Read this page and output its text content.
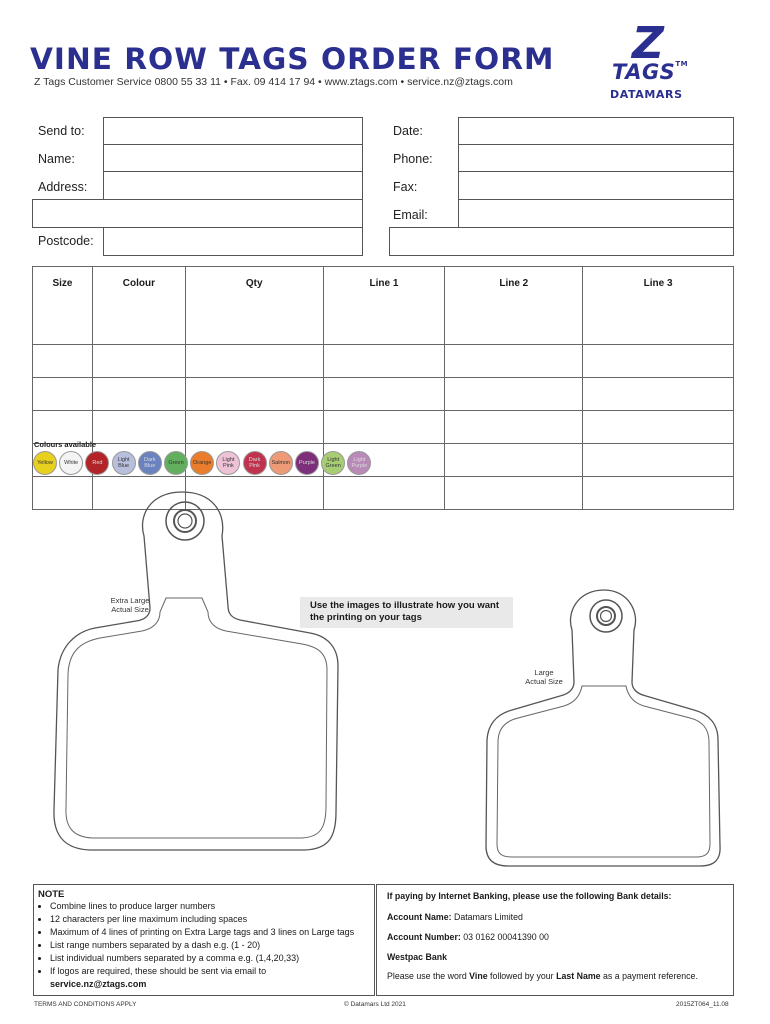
VINE ROW TAGS ORDER FORM
Z Tags Customer Service 0800 55 33 11 • Fax. 09 414 17 94 • www.ztags.com • service.nz@ztags.com
Z
TAGS™
DATAMARS
Send to:
Name:
Address:
Postcode:
Date:
Phone:
Fax:
Email:
Size	Colour	Qty	Line 1	Line 2	Line 3

Colours available
Yellow	White	Red	Light Blue
Dark Blue	Green	Orange	Light Pink
Dark Pink	Salmon	Purple	Light Green
Light Purple
Extra Large
Actual Size	Use the images to illustrate how you want the printing on your tags
Large
Actual Size
NOTE
• Combine lines to produce larger numbers
• 12 characters per line maximum including spaces
• Maximum of 4 lines of printing on Extra Large tags and 3 lines on Large tags
• List range numbers separated by a dash e.g. (1 - 20)
• List individual numbers separated by a comma e.g. (1,4,20,33)
• If logos are required, these should be sent via email to
service.nz@ztags.com
If paying by Internet Banking, please use the following Bank details:
Account Name: Datamars Limited
Account Number: 03 0162 00041390 00
Westpac Bank
Please use the word Vine followed by your Last Name as a payment reference.
TERMS AND CONDITIONS APPLY	© Datamars Ltd 2021	2015ZT064_11.08
